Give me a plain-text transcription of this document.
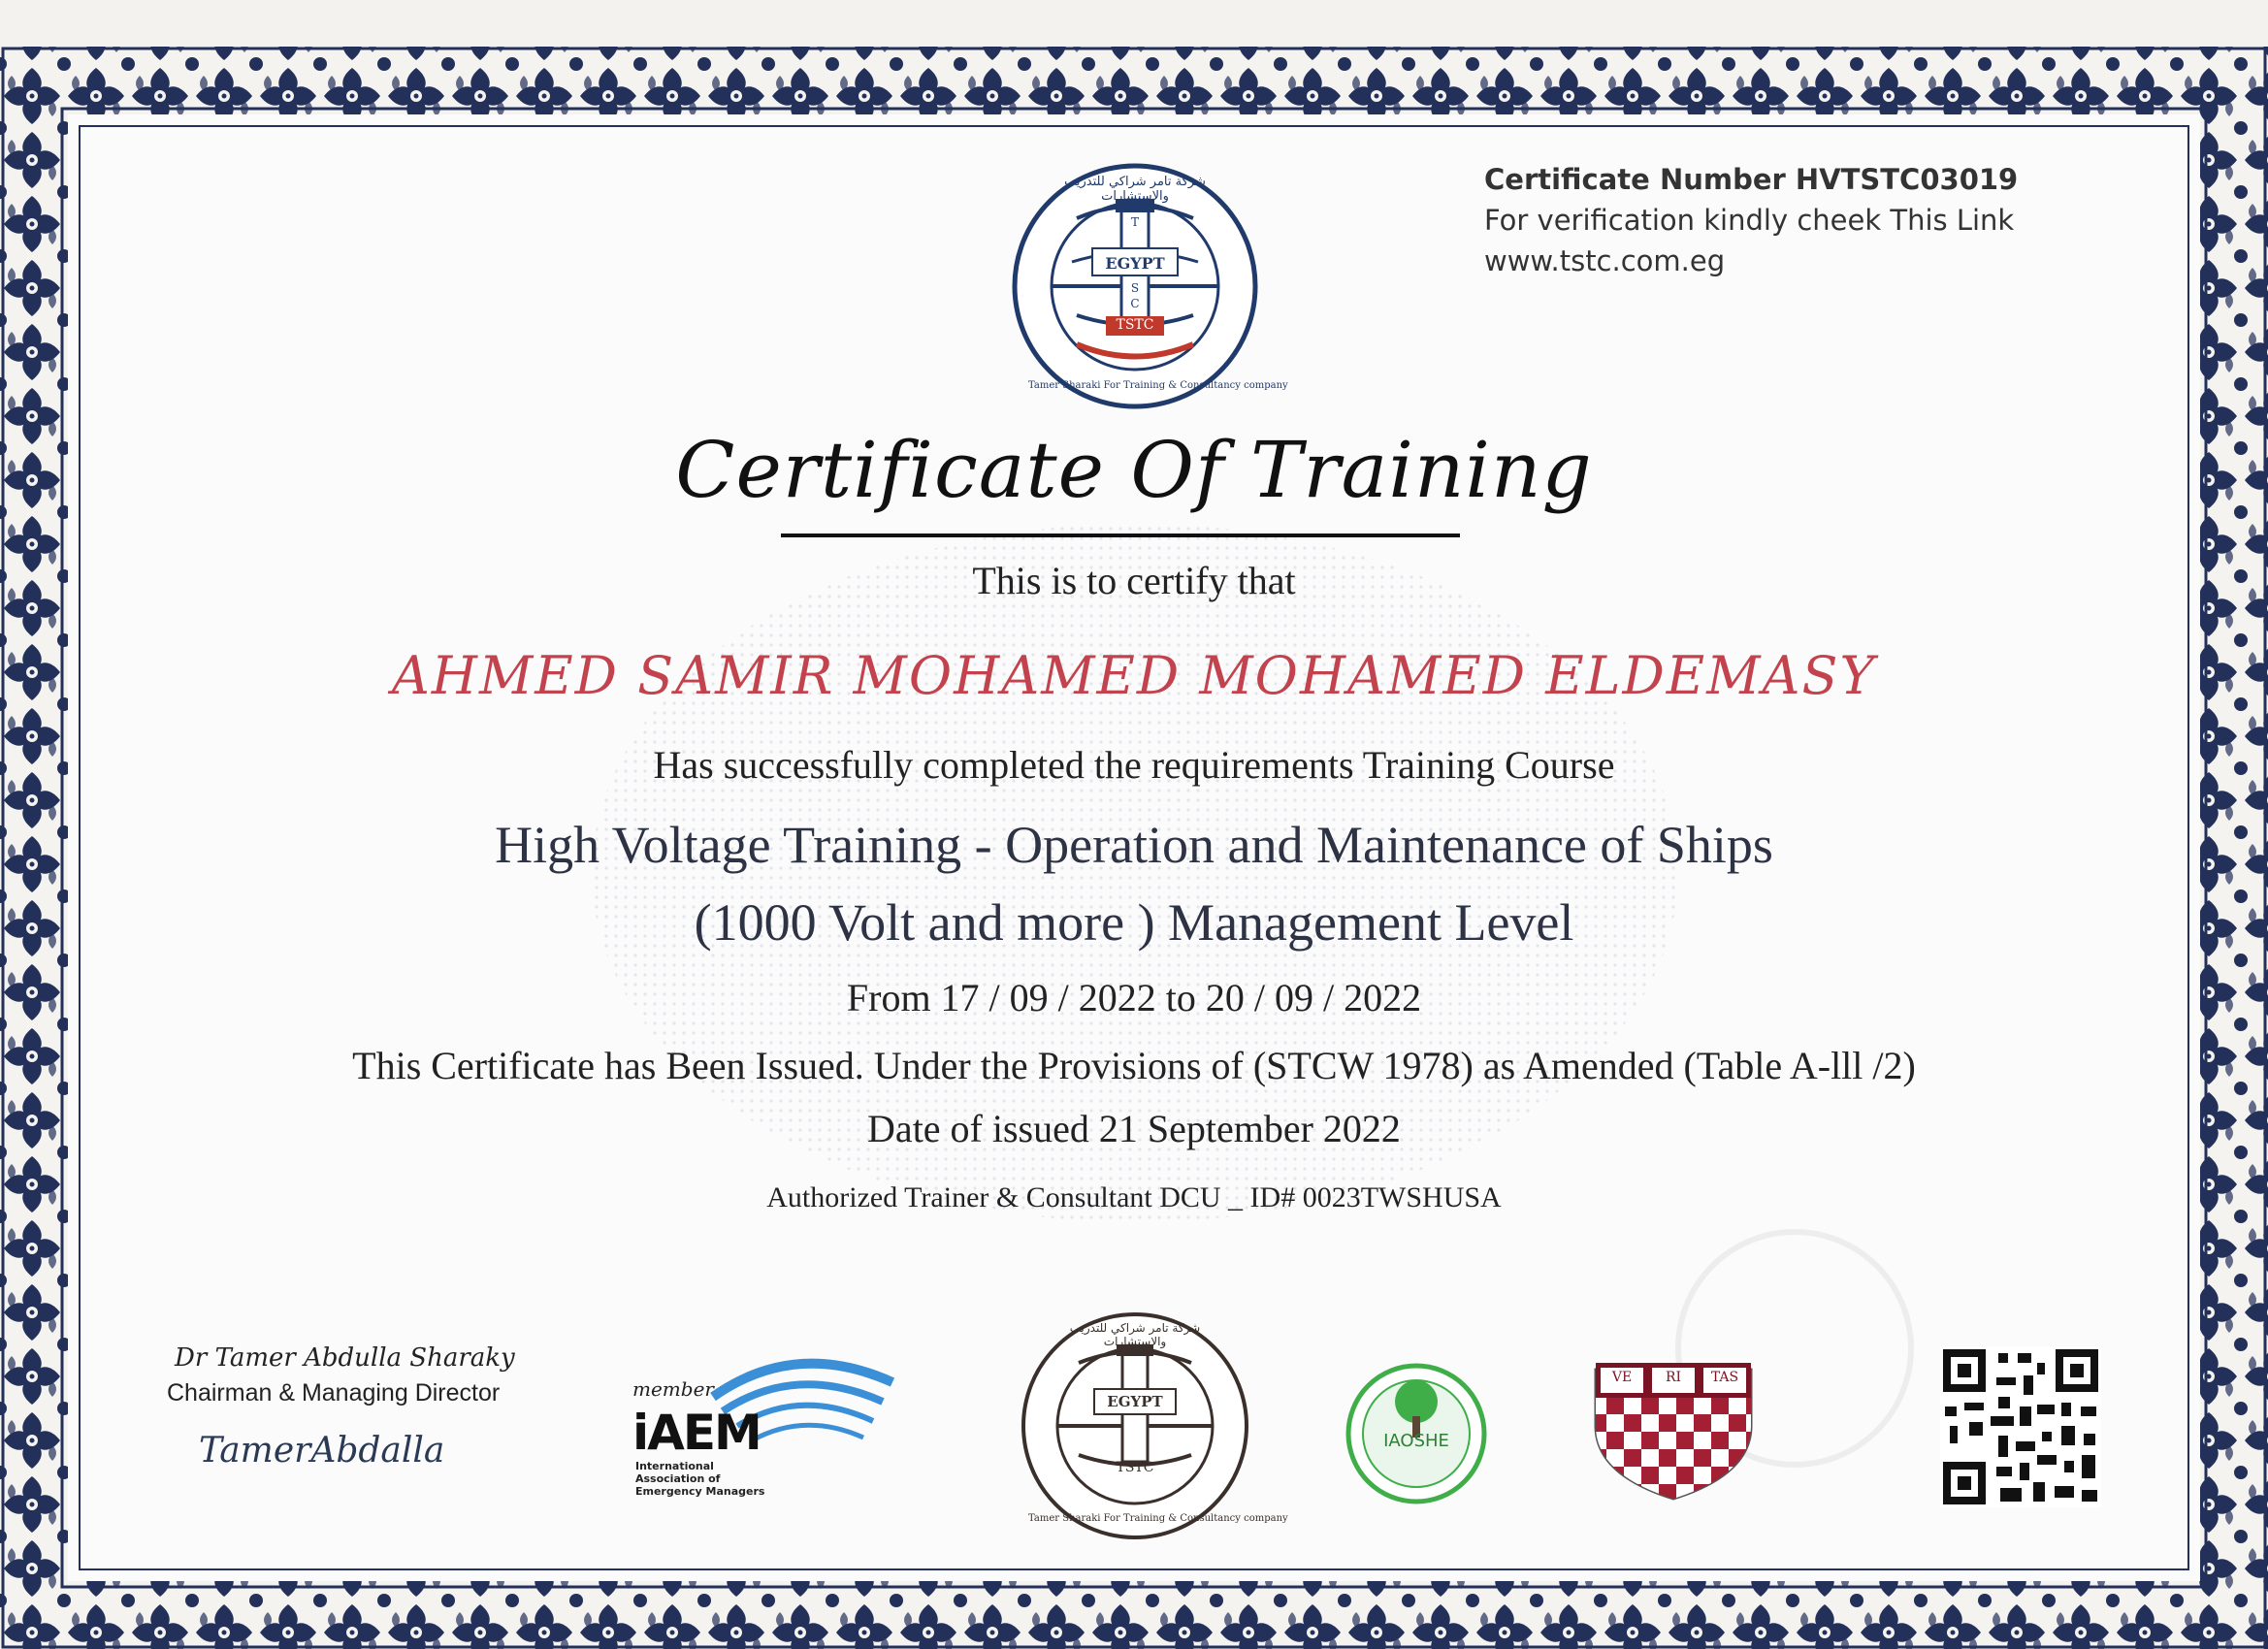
Certificate Number HVTSTC03019
For verification kindly cheek This Link
www.tstc.com.eg
EGYPT
TSTC
شركة تامر شراكي للتدريب والاستشارات
Tamer Sharaki For Training & Consultancy company
T
S
C
Certificate Of Training
This is to certify that
AHMED SAMIR MOHAMED MOHAMED ELDEMASY
Has successfully completed the requirements Training Course
High Voltage Training - Operation and Maintenance of Ships
(1000 Volt and more ) Management Level
From 17 / 09 / 2022 to 20 / 09 / 2022
This Certificate has Been Issued. Under the Provisions of (STCW 1978) as Amended (Table A-lll /2)
Date of issued 21 September 2022
Authorized Trainer & Consultant DCU _ ID# 0023TWSHUSA
Dr Tamer Abdulla Sharaky
Chairman & Managing Director
TamerAbdalla
member
iAEM
International
Association of
Emergency Managers
EGYPT
TSTC
شركة تامر شراكي للتدريب والاستشارات
Tamer Sharaki For Training & Consultancy company
IAOSHE
VE	RI	TAS
